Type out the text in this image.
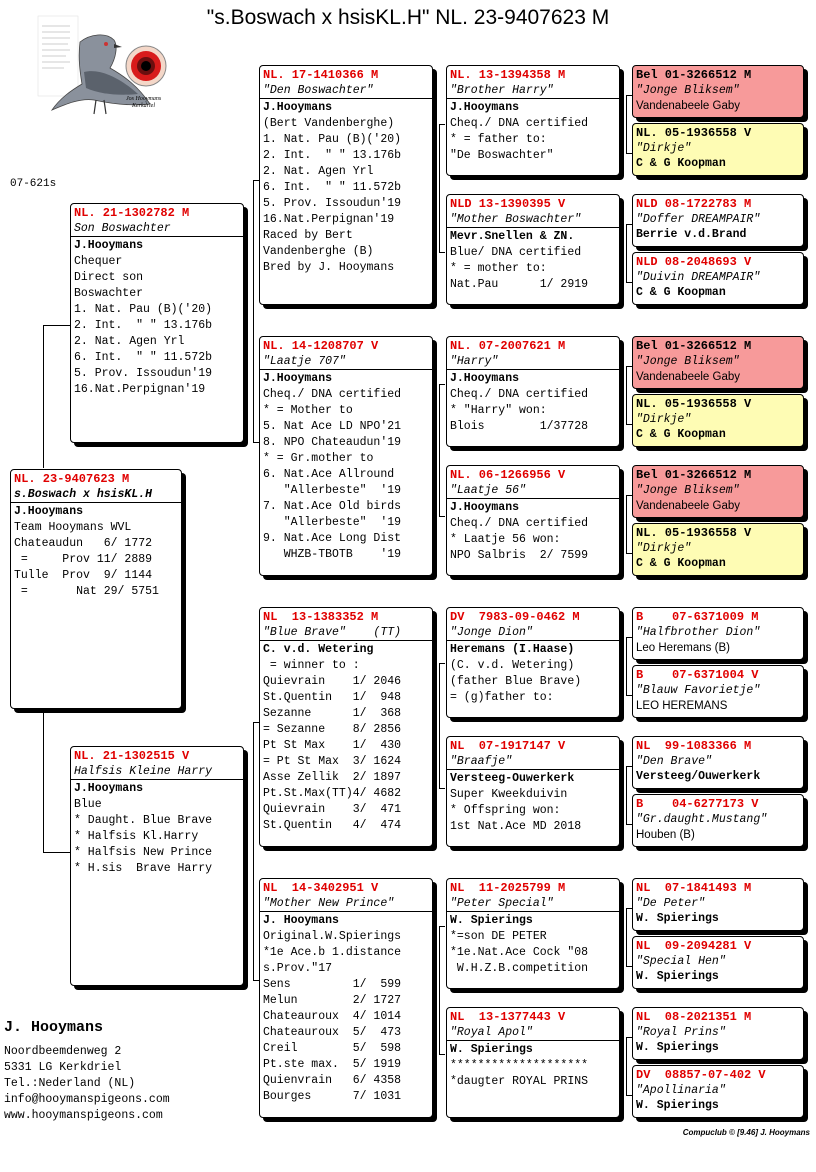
"s.Boswach x hsisKL.H" NL. 23-9407623 M
Jos Hooymans
Kerkdriel
07-621s
NL. 23-9407623 M
s.Boswach x hsisKL.H
J.Hooymans
Team Hooymans WVL
Chateaudun   6/ 1772
=     Prov 11/ 2889
Tulle  Prov  9/ 1144
=       Nat 29/ 5751
NL. 21-1302782 M
Son Boswachter
J.Hooymans
Chequer
Direct son
Boswachter
1. Nat. Pau (B)('20)
2. Int.  " " 13.176b
2. Nat. Agen Yrl
6. Int.  " " 11.572b
5. Prov. Issoudun'19
16.Nat.Perpignan'19
NL. 21-1302515 V
Halfsis Kleine Harry
J.Hooymans
Blue
* Daught. Blue Brave
* Halfsis Kl.Harry
* Halfsis New Prince
* H.sis  Brave Harry
NL. 17-1410366 M
"Den Boswachter"
J.Hooymans
(Bert Vandenberghe)
1. Nat. Pau (B)('20)
2. Int.  " " 13.176b
2. Nat. Agen Yrl
6. Int.  " " 11.572b
5. Prov. Issoudun'19
16.Nat.Perpignan'19
Raced by Bert
Vandenberghe (B)
Bred by J. Hooymans
NL. 14-1208707 V
"Laatje 707"
J.Hooymans
Cheq./ DNA certified
* = Mother to
5. Nat Ace LD NPO'21
8. NPO Chateaudun'19
* = Gr.mother to
6. Nat.Ace Allround
"Allerbeste"  '19
7. Nat.Ace Old birds
"Allerbeste"  '19
9. Nat.Ace Long Dist
WHZB-TBOTB    '19
NL  13-1383352 M
"Blue Brave"    (TT)
C. v.d. Wetering
= winner to :
Quievrain    1/ 2046
St.Quentin   1/  948
Sezanne      1/  368
= Sezanne    8/ 2856
Pt St Max    1/  430
= Pt St Max  3/ 1624
Asse Zellik  2/ 1897
Pt.St.Max(TT)4/ 4682
Quievrain    3/  471
St.Quentin   4/  474
NL  14-3402951 V
"Mother New Prince"
J. Hooymans
Original.W.Spierings
*1e Ace.b 1.distance
s.Prov."17
Sens         1/  599
Melun        2/ 1727
Chateauroux  4/ 1014
Chateauroux  5/  473
Creil        5/  598
Pt.ste max.  5/ 1919
Quienvrain   6/ 4358
Bourges      7/ 1031
NL. 13-1394358 M
"Brother Harry"
J.Hooymans
Cheq./ DNA certified
* = father to:
"De Boswachter"
NLD 13-1390395 V
"Mother Boswachter"
Mevr.Snellen & ZN.
Blue/ DNA certified
* = mother to:
Nat.Pau      1/ 2919
NL. 07-2007621 M
"Harry"
J.Hooymans
Cheq./ DNA certified
* "Harry" won:
Blois        1/37728
NL. 06-1266956 V
"Laatje 56"
J.Hooymans
Cheq./ DNA certified
* Laatje 56 won:
NPO Salbris  2/ 7599
DV  7983-09-0462 M
"Jonge Dion"
Heremans (I.Haase)
(C. v.d. Wetering)
(father Blue Brave)
= (g)father to:
NL  07-1917147 V
"Braafje"
Versteeg-Ouwerkerk
Super Kweekduivin
* Offspring won:
1st Nat.Ace MD 2018
NL  11-2025799 M
"Peter Special"
W. Spierings
*=son DE PETER
*1e.Nat.Ace Cock "08
W.H.Z.B.competition
NL  13-1377443 V
"Royal Apol"
W. Spierings
********************
*daugter ROYAL PRINS
Bel 01-3266512 M
"Jonge Bliksem"
Vandenabeele Gaby
NL. 05-1936558 V
"Dirkje"
C & G Koopman
NLD 08-1722783 M
"Doffer DREAMPAIR"
Berrie v.d.Brand
NLD 08-2048693 V
"Duivin DREAMPAIR"
C & G Koopman
Bel 01-3266512 M
"Jonge Bliksem"
Vandenabeele Gaby
NL. 05-1936558 V
"Dirkje"
C & G Koopman
Bel 01-3266512 M
"Jonge Bliksem"
Vandenabeele Gaby
NL. 05-1936558 V
"Dirkje"
C & G Koopman
B    07-6371009 M
"Halfbrother Dion"
Leo Heremans (B)
B    07-6371004 V
"Blauw Favorietje"
LEO HEREMANS
NL  99-1083366 M
"Den Brave"
Versteeg/Ouwerkerk
B    04-6277173 V
"Gr.daught.Mustang"
Houben (B)
NL  07-1841493 M
"De Peter"
W. Spierings
NL  09-2094281 V
"Special Hen"
W. Spierings
NL  08-2021351 M
"Royal Prins"
W. Spierings
DV  08857-07-402 V
"Apollinaria"
W. Spierings
J. Hooymans
Noordbeemdenweg 2
5331 LG Kerkdriel
Tel.:Nederland (NL)
info@hooymanspigeons.com
www.hooymanspigeons.com
Compuclub © [9.46] J. Hooymans
